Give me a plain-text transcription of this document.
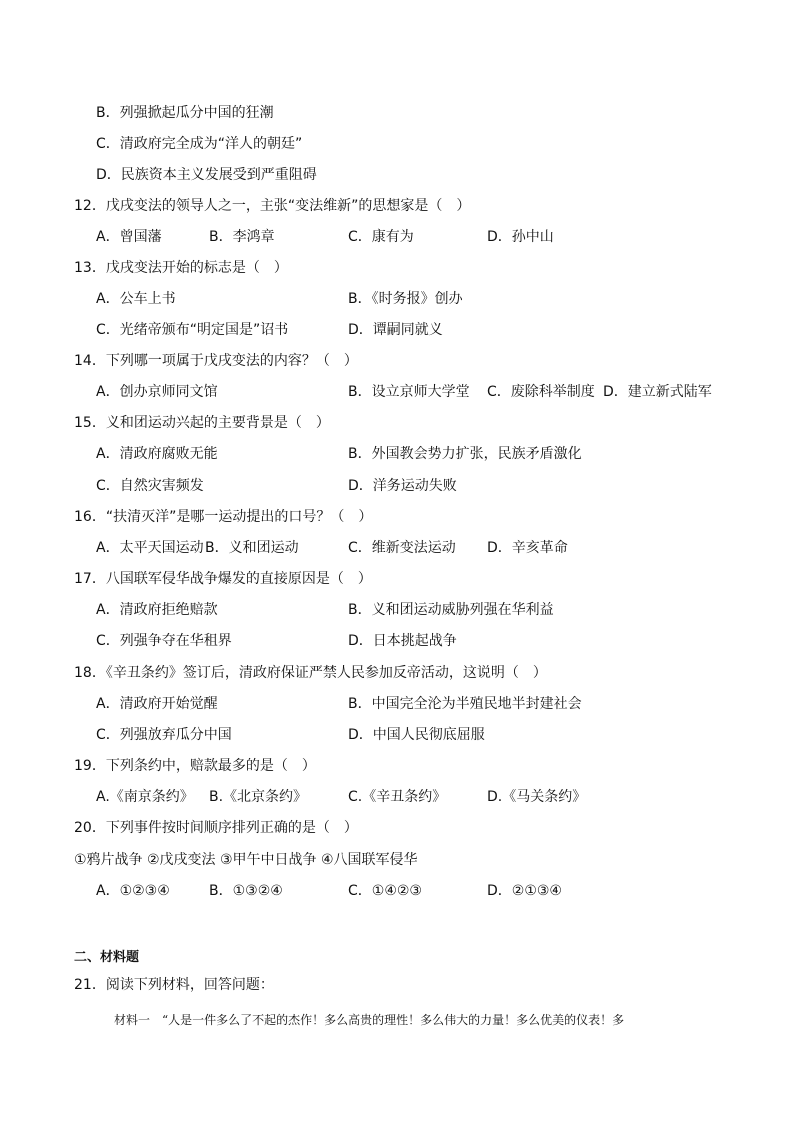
B．列强掀起瓜分中国的狂潮
C．清政府完全成为“洋人的朝廷”
D．民族资本主义发展受到严重阻碍
12．戊戌变法的领导人之一，主张“变法维新”的思想家是（　）
A．曾国藩	B．李鸿章	C．康有为	D．孙中山
13．戊戌变法开始的标志是（　）
A．公车上书	B．《时务报》创办
C．光绪帝颁布“明定国是”诏书	D．谭嗣同就义
14．下列哪一项属于戊戌变法的内容？（　）
A．创办京师同文馆	B．设立京师大学堂 C．废除科举制度 D．建立新式陆军
15．义和团运动兴起的主要背景是（　）
A．清政府腐败无能	B．外国教会势力扩张，民族矛盾激化
C．自然灾害频发	D．洋务运动失败
16．“扶清灭洋”是哪一运动提出的口号？（　）
A．太平天国运动 B．义和团运动	C．维新变法运动 D．辛亥革命
17．八国联军侵华战争爆发的直接原因是（　）
A．清政府拒绝赔款	B．义和团运动威胁列强在华利益
C．列强争夺在华租界	D．日本挑起战争
18．《辛丑条约》签订后，清政府保证严禁人民参加反帝活动，这说明（　）
A．清政府开始觉醒	B．中国完全沦为半殖民地半封建社会
C．列强放弃瓜分中国	D．中国人民彻底屈服
19．下列条约中，赔款最多的是（　）
A.《南京条约》 B.《北京条约》	C.《辛丑条约》	D.《马关条约》
20．下列事件按时间顺序排列正确的是（　）
①鸦片战争 ②戊戌变法 ③甲午中日战争 ④八国联军侵华
A．①②③④	B．①③②④	C．①④②③	D．②①③④
二、材料题
21．阅读下列材料，回答问题：
材料一　“人是一件多么了不起的杰作！多么高贵的理性！多么伟大的力量！多么优美的仪表！多
